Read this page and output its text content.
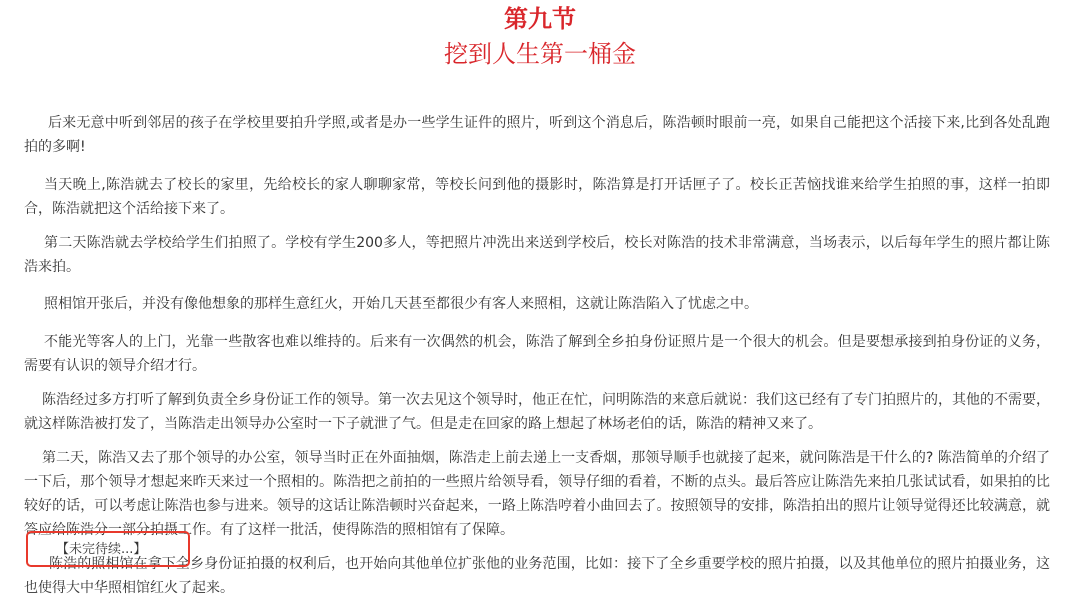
第九节
挖到人生第一桶金

后来无意中听到邻居的孩子在学校里要拍升学照,或者是办一些学生证件的照片，听到这个消息后，陈浩顿时眼前一亮，如果自己能把这个活接下来,比到各处乱跑拍的多啊!

当天晚上,陈浩就去了校长的家里，先给校长的家人聊聊家常，等校长问到他的摄影时，陈浩算是打开话匣子了。校长正苦恼找谁来给学生拍照的事，这样一拍即合，陈浩就把这个活给接下来了。

第二天陈浩就去学校给学生们拍照了。学校有学生200多人，等把照片冲洗出来送到学校后，校长对陈浩的技术非常满意，当场表示，以后每年学生的照片都让陈浩来拍。

照相馆开张后，并没有像他想象的那样生意红火，开始几天甚至都很少有客人来照相，这就让陈浩陷入了忧虑之中。

不能光等客人的上门，光靠一些散客也难以维持的。后来有一次偶然的机会，陈浩了解到全乡拍身份证照片是一个很大的机会。但是要想承接到拍身份证的义务，需要有认识的领导介绍才行。

陈浩经过多方打听了解到负责全乡身份证工作的领导。第一次去见这个领导时，他正在忙，问明陈浩的来意后就说：我们这已经有了专门拍照片的，其他的不需要，就这样陈浩被打发了，当陈浩走出领导办公室时一下子就泄了气。但是走在回家的路上想起了林场老伯的话，陈浩的精神又来了。

第二天，陈浩又去了那个领导的办公室，领导当时正在外面抽烟，陈浩走上前去递上一支香烟，那领导顺手也就接了起来，就问陈浩是干什么的? 陈浩简单的介绍了一下后，那个领导才想起来昨天来过一个照相的。陈浩把之前拍的一些照片给领导看，领导仔细的看着，不断的点头。最后答应让陈浩先来拍几张试试看，如果拍的比较好的话，可以考虑让陈浩也参与进来。领导的这话让陈浩顿时兴奋起来，一路上陈浩哼着小曲回去了。按照领导的安排，陈浩拍出的照片让领导觉得还比较满意，就答应给陈浩分一部分拍摄工作。有了这样一批活，使得陈浩的照相馆有了保障。

陈浩的照相馆在拿下全乡身份证拍摄的权利后，也开始向其他单位扩张他的业务范围，比如：接下了全乡重要学校的照片拍摄，以及其他单位的照片拍摄业务，这也使得大中华照相馆红火了起来。

【未完待续...】
